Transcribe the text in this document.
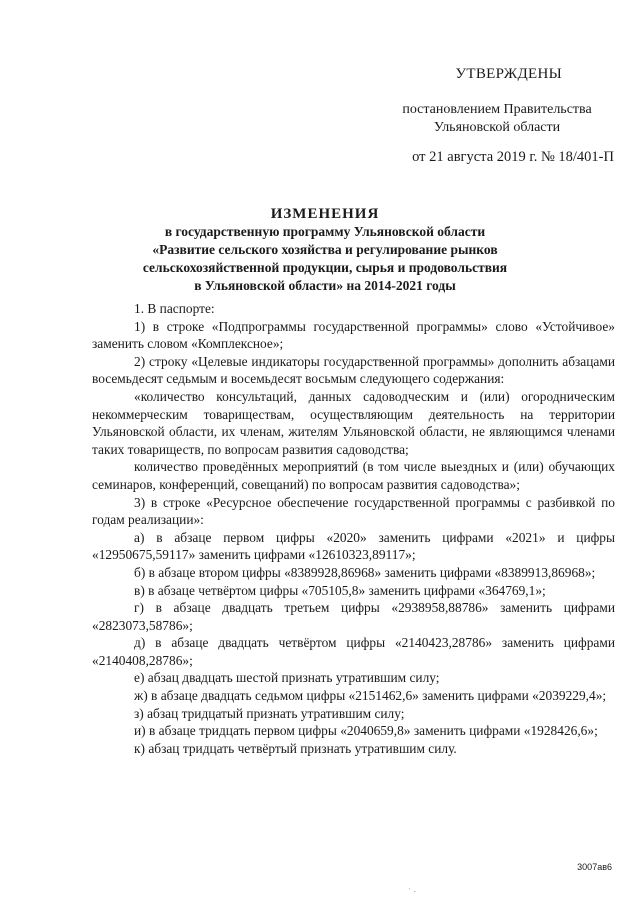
УТВЕРЖДЕНЫ
постановлением Правительства
Ульяновской области
от 21 августа 2019 г. № 18/401-П
ИЗМЕНЕНИЯ
в государственную программу Ульяновской области
«Развитие сельского хозяйства и регулирование рынков
сельскохозяйственной продукции, сырья и продовольствия
в Ульяновской области» на 2014-2021 годы

1. В паспорте:

1) в строке «Подпрограммы государственной программы» слово «Устойчивое» заменить словом «Комплексное»;

2) строку «Целевые индикаторы государственной программы» дополнить абзацами восемьдесят седьмым и восемьдесят восьмым следующего содержания:

«количество консультаций, данных садоводческим и (или) огородническим некоммерческим товариществам, осуществляющим деятельность на территории Ульяновской области, их членам, жителям Ульяновской области, не являющимся членами таких товариществ, по вопросам развития садоводства;

количество проведённых мероприятий (в том числе выездных и (или) обучающих семинаров, конференций, совещаний) по вопросам развития садоводства»;

3) в строке «Ресурсное обеспечение государственной программы с разбивкой по годам реализации»:

а) в абзаце первом цифры «2020» заменить цифрами «2021» и цифры «12950675,59117» заменить цифрами «12610323,89117»;

б) в абзаце втором цифры «8389928,86968» заменить цифрами «8389913,86968»;

в) в абзаце четвёртом цифры «705105,8» заменить цифрами «364769,1»;

г) в абзаце двадцать третьем цифры «2938958,88786» заменить цифрами «2823073,58786»;

д) в абзаце двадцать четвёртом цифры «2140423,28786» заменить цифрами «2140408,28786»;

е) абзац двадцать шестой признать утратившим силу;

ж) в абзаце двадцать седьмом цифры «2151462,6» заменить цифрами «2039229,4»;

з) абзац тридцатый признать утратившим силу;

и) в абзаце тридцать первом цифры «2040659,8» заменить цифрами «1928426,6»;

к) абзац тридцать четвёртый признать утратившим силу.

3007ав6
˙ ·
